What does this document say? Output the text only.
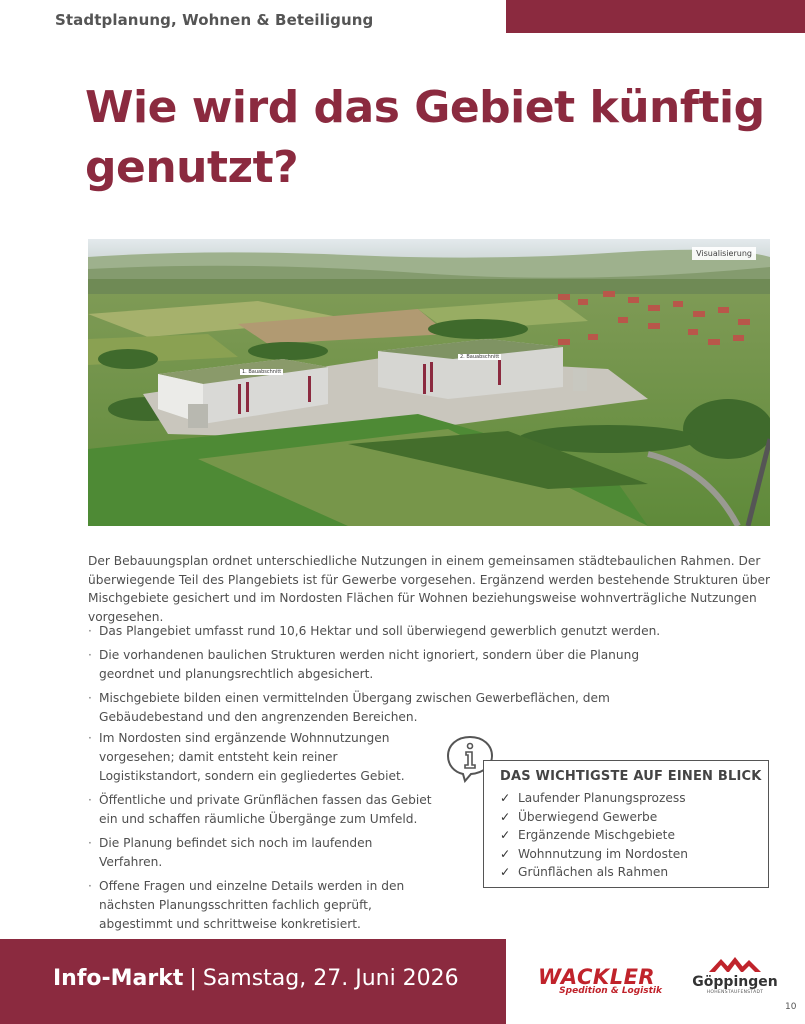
Stadtplanung, Wohnen & Beteiligung
Wie wird das Gebiet künftig genutzt?
Visualisierung
1. Bauabschnitt
2. Bauabschnitt

Der Bebauungsplan ordnet unterschiedliche Nutzungen in einem gemeinsamen städtebaulichen Rahmen. Der überwiegende Teil des Plangebiets ist für Gewerbe vorgesehen. Ergänzend werden bestehende Strukturen über Mischgebiete gesichert und im Nordosten Flächen für Wohnen beziehungsweise wohnverträgliche Nutzungen vorgesehen.

· Das Plangebiet umfasst rund 10,6 Hektar und soll überwiegend gewerblich genutzt werden.
· Die vorhandenen baulichen Strukturen werden nicht ignoriert, sondern über die Planung geordnet und planungsrechtlich abgesichert.
· Mischgebiete bilden einen vermittelnden Übergang zwischen Gewerbeflächen, dem Gebäudebestand und den angrenzenden Bereichen.
· Im Nordosten sind ergänzende Wohnnutzungen vorgesehen; damit entsteht kein reiner Logistikstandort, sondern ein gegliedertes Gebiet.
· Öffentliche und private Grünflächen fassen das Gebiet ein und schaffen räumliche Übergänge zum Umfeld.
· Die Planung befindet sich noch im laufenden Verfahren.
· Offene Fragen und einzelne Details werden in den nächsten Planungsschritten fachlich geprüft, abgestimmt und schrittweise konkretisiert.
DAS WICHTIGSTE AUF EINEN BLICK
✓ Laufender Planungsprozess
✓ Überwiegend Gewerbe
✓ Ergänzende Mischgebiete
✓ Wohnnutzung im Nordosten
✓ Grünflächen als Rahmen
Info-Markt | Samstag, 27. Juni 2026	WACKLER
Spedition & Logistik
Göppingen
HOHENSTAUFENSTADT
10
